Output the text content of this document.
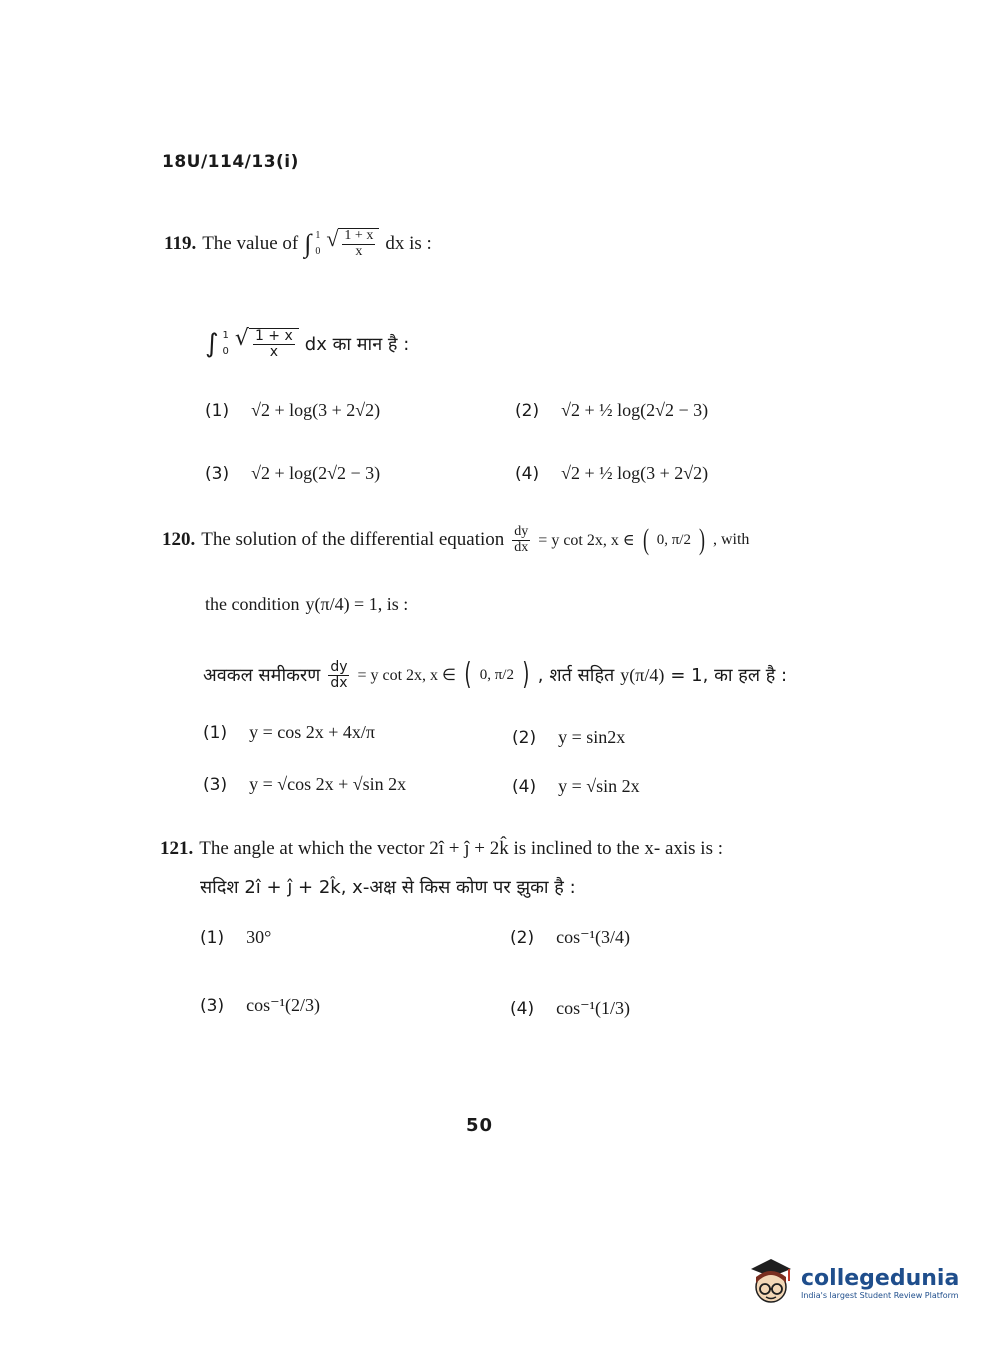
18U/114/13(i)
119. The value of ∫ 1
0
√ $\frac{1 + x}{x}$ dx is :
∫ 1
0
√ $\frac{1 + x}{x}$ dx का मान है :
(1) √2 + log(3 + 2√2)	(2) √2 + ½ log(2√2 − 3)
(3) √2 + log(2√2 − 3)	(4) √2 + ½ log(3 + 2√2)
120. The solution of the differential equation $\frac{dy}{dx} = y$ cot 2x, x ∈ ( 0, π/2 ) , with
the condition y(π/4) = 1, is :
अवकल समीकरण $\frac{dy}{dx} = y$ cot 2x, x ∈ ( 0, π/2 ) , शर्त सहित y(π/4) = 1, का हल है :
(1) y = cos 2x + 4x/π	(2) y = sin2x
(3) y = √cos 2x + √sin 2x	(4) y = √sin 2x
121. The angle at which the vector 2î + ĵ + 2k̂ is inclined to the x- axis is :
सदिश 2î + ĵ + 2k̂, x-अक्ष से किस कोण पर झुका है :
(1) 30°	(2) cos⁻¹(3/4)
(3) cos⁻¹(2/3)	(4) cos⁻¹(1/3)
50
collegedunia
India's largest Student Review Platform
